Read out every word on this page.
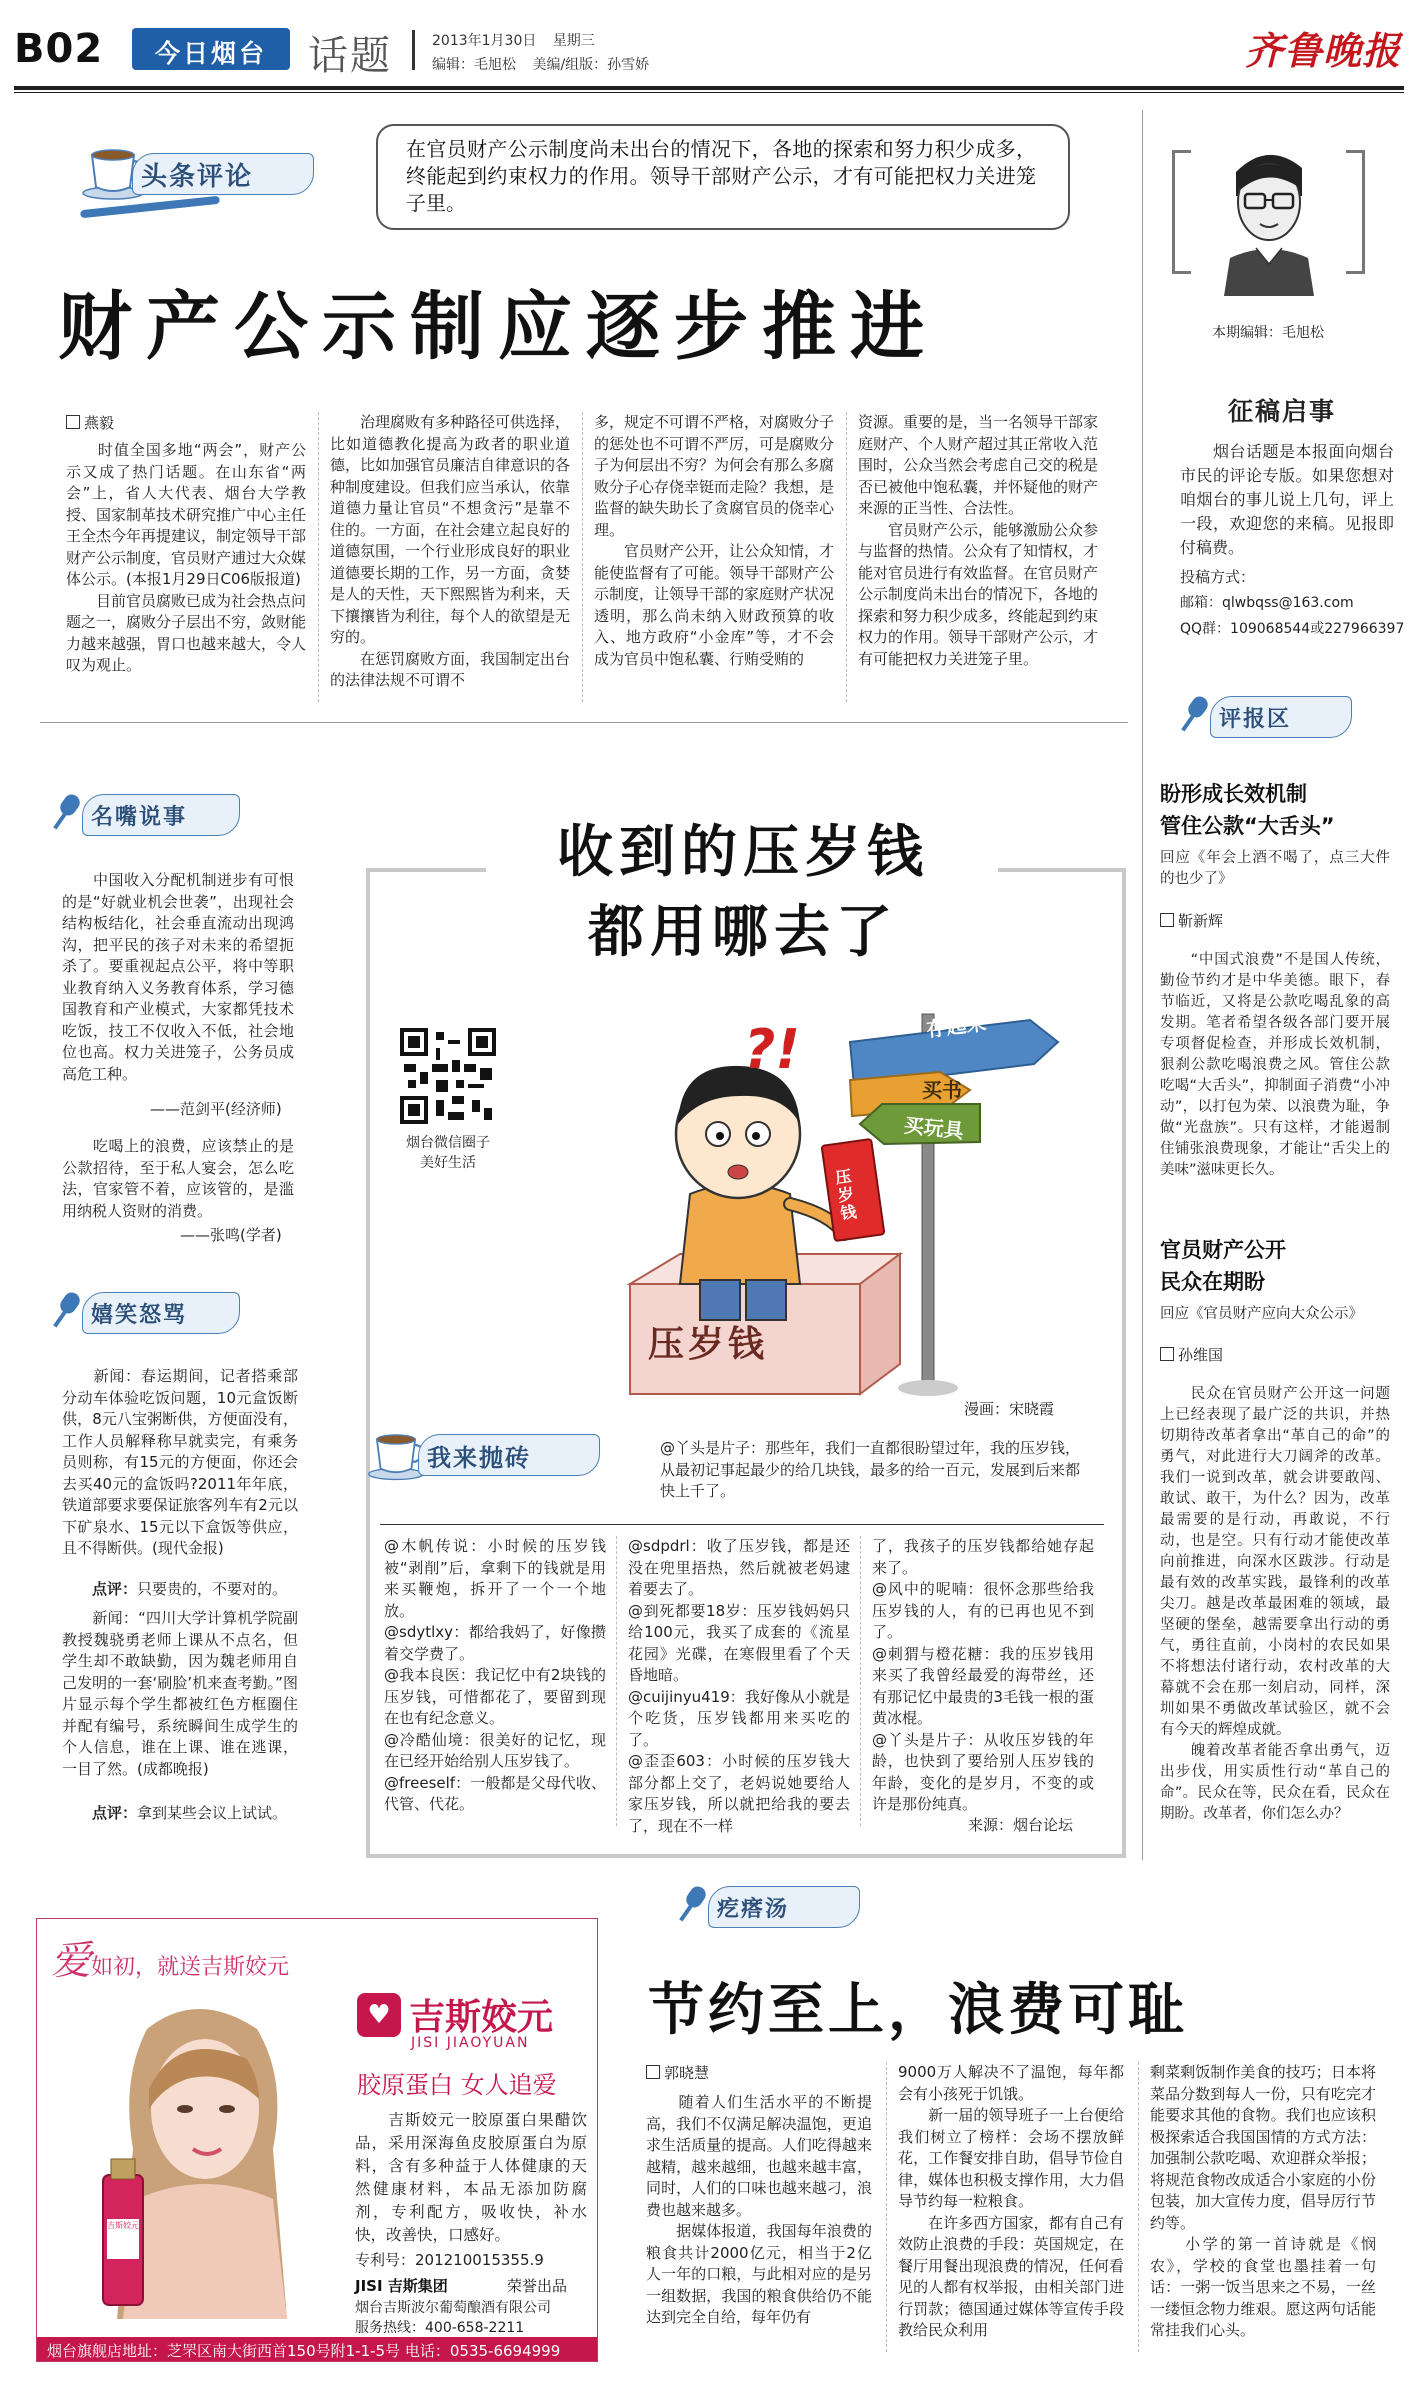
B02	今日烟台	话题	2013年1月30日 星期三
编辑：毛旭松 美编/组版：孙雪娇	齐鲁晚报
头条评论

在官员财产公示制度尚未出台的情况下，各地的探索和努力积少成多，终能起到约束权力的作用。领导干部财产公示，才有可能把权力关进笼子里。

财产公示制应逐步推进
燕毅

　　时值全国多地“两会”，财产公示又成了热门话题。在山东省“两会”上，省人大代表、烟台大学教授、国家制革技术研究推广中心主任王全杰今年再提建议，制定领导干部财产公示制度，官员财产逋过大众媒体公示。(本报1月29日C06版报道)
　　目前官员腐败已成为社会热点问题之一，腐败分子层出不穷，敛财能力越来越强，胃口也越来越大，令人叹为观止。

　　治理腐败有多种路径可供选择，比如道德教化提高为政者的职业道德，比如加强官员廉洁自律意识的各种制度建设。但我们应当承认，依靠道德力量让官员“不想贪污”是靠不住的。一方面，在社会建立起良好的道德氛围，一个行业形成良好的职业道德要长期的工作，另一方面，贪婪是人的天性，天下熙熙皆为利来，天下攘攘皆为利往，每个人的欲望是无穷的。
　　在惩罚腐败方面，我国制定出台的法律法规不可谓不

多，规定不可谓不严格，对腐败分子的惩处也不可谓不严厉，可是腐败分子为何层出不穷？为何会有那么多腐败分子心存侥幸铤而走险？我想，是监督的缺失助长了贪腐官员的侥幸心理。
　　官员财产公开，让公众知情，才能使监督有了可能。领导干部财产公示制度，让领导干部的家庭财产状况透明，那么尚未纳入财政预算的收入、地方政府“小金库”等，才不会成为官员中饱私囊、行贿受贿的

资源。重要的是，当一名领导干部家庭财产、个人财产超过其正常收入范围时，公众当然会考虑自己交的税是否已被他中饱私囊，并怀疑他的财产来源的正当性、合法性。
　　官员财产公示，能够激励公众参与监督的热情。公众有了知情权，才能对官员进行有效监督。在官员财产公示制度尚未出台的情况下，各地的探索和努力积少成多，终能起到约束权力的作用。领导干部财产公示，才有可能把权力关进笼子里。

本期编辑：毛旭松
征稿启事

　　烟台话题是本报面向烟台市民的评论专版。如果您想对咱烟台的事儿说上几句，评上一段，欢迎您的来稿。见报即付稿费。

投稿方式：
邮箱：qlwbqss@163.com
QQ群：109068544或227966397
评报区
盼形成长效机制
管住公款“大舌头”

回应《年会上酒不喝了，点三大件的也少了》

靳新辉

　　“中国式浪费”不是国人传统，勤俭节约才是中华美德。眼下，春节临近，又将是公款吃喝乱象的高发期。笔者希望各级各部门要开展专项督促检查，并形成长效机制，狠刹公款吃喝浪费之风。管住公款吃喝“大舌头”，抑制面子消费“小冲动”，以打包为荣、以浪费为耻，争做“光盘族”。只有这样，才能遏制住铺张浪费现象，才能让“舌尖上的美味”滋味更长久。

官员财产公开
民众在期盼

回应《官员财产应向大众公示》

孙维国

　　民众在官员财产公开这一问题上已经表现了最广泛的共识，并热切期待改革者拿出“革自己的命”的勇气，对此进行大刀阔斧的改革。我们一说到改革，就会讲要敢闯、敢试、敢干，为什么？因为，改革最需要的是行动，再敢说，不行动，也是空。只有行动才能使改革向前推进，向深水区跋涉。行动是最有效的改革实践，最锋利的改革尖刀。越是改革最困难的领域，最坚硬的堡垒，越需要拿出行动的勇气，勇往直前，小岗村的农民如果不将想法付诸行动，农村改革的大幕就不会在那一刻启动，同样，深圳如果不勇做改革试验区，就不会有今天的辉煌成就。
　　魄着改革者能否拿出勇气，迈出步伐，用实质性行动“革自己的命”。民众在等，民众在看，民众在期盼。改革者，你们怎么办？

名嘴说事

　　中国收入分配机制迸步有可恨的是“好就业机会世袭”，出现社会结构板结化，社会垂直流动出现鸿沟，把平民的孩子对未来的希望扼杀了。要重视起点公平，将中等职业教育纳入义务教育体系，学习德国教育和产业模式，大家都凭技术吃饭，技工不仅收入不低，社会地位也高。权力关进笼子，公务员成高危工种。

——范剑平(经济师)

　　吃喝上的浪费，应该禁止的是公款招待，至于私人宴会，怎么吃法，官家管不着，应该管的，是滥用纳税人资财的消费。

——张鸣(学者)
嬉笑怒骂

　　新闻：春运期间，记者搭乘部分动车体验吃饭问题，10元盒饭断供，8元八宝粥断供，方便面没有，工作人员解释称早就卖完，有乘务员则称，有15元的方便面，你还会去买40元的盒饭吗?2011年年底，铁道部要求要保证旅客列车有2元以下矿泉水、15元以下盒饭等供应，且不得断供。(现代金报)

点评：只要贵的，不要对的。

　　新闻：“四川大学计算机学院副教授魏骁勇老师上课从不点名，但学生却不敢缺勤，因为魏老师用自己发明的一套‘刷脸’机来查考勤。”图片显示每个学生都被红色方框圈住并配有编号，系统瞬间生成学生的个人信息，谁在上课、谁在逃课，一目了然。(成都晚报)

点评：拿到某些会议上试试。
收到的压岁钱
都用哪去了
烟台微信圈子
美好生活
?!	存起来
买书
买玩具
压岁钱
压岁钱
漫画：宋晓霞
我来抛砖	@丫头是片子：那些年，我们一直都很盼望过年，我的压岁钱，从最初记事起最少的给几块钱，最多的给一百元，发展到后来都快上千了。

@木帆传说：小时候的压岁钱被“剥削”后，拿剩下的钱就是用来买鞭炮，拆开了一个一个地放。
@sdytlxy：都给我妈了，好像攒着交学费了。
@我本良医：我记忆中有2块钱的压岁钱，可惜都花了，要留到现在也有纪念意义。
@冷酷仙境：很美好的记忆，现在已经开始给别人压岁钱了。
@freeself：一般都是父母代收、代管、代花。

@sdpdrl：收了压岁钱，都是还没在兜里捂热，然后就被老妈逮着要去了。
@到死都要18岁：压岁钱妈妈只给100元，我买了成套的《流星花园》光碟，在寒假里看了个天昏地暗。
@cuijinyu419：我好像从小就是个吃货，压岁钱都用来买吃的了。
@歪歪603：小时候的压岁钱大部分都上交了，老妈说她要给人家压岁钱，所以就把给我的要去了，现在不一样

了，我孩子的压岁钱都给她存起来了。
@风中的呢喃：很怀念那些给我压岁钱的人，有的已再也见不到了。
@刺猬与橙花糖：我的压岁钱用来买了我曾经最爱的海带丝，还有那记忆中最贵的3毛钱一根的蛋黄冰棍。
@丫头是片子：从收压岁钱的年龄，也快到了要给别人压岁钱的年龄，变化的是岁月，不变的或许是那份纯真。

来源：烟台论坛
爱如初，就送吉斯姣元
吉斯姣元
♥ 吉斯姣元
JISI JIAOYUAN
胶原蛋白 女人追爱

　　吉斯姣元一胶原蛋白果醋饮品，采用深海鱼皮胶原蛋白为原料，含有多种益于人体健康的天然健康材料，本品无添加防腐剂，专利配方，吸收快，补水快，改善快，口感好。

专利号：201210015355.9
JISI 吉斯集团	荣誉出品
烟台吉斯波尔葡萄酿酒有限公司
服务热线：400-658-2211
烟台旗舰店地址：芝罘区南大街西首150号附1-1-5号 电话：0535-6694999
疙瘩汤
节约至上，浪费可耻
郭晓慧

　　随着人们生活水平的不断提高，我们不仅满足解决温饱，更追求生活质量的提高。人们吃得越来越精，越来越细，也越来越丰富，同时，人们的口味也越来越刁，浪费也越来越多。
　　据媒体报道，我国每年浪费的粮食共计2000亿元，相当于2亿人一年的口粮，与此相对应的是另一组数据，我国的粮食供给仍不能达到完全自给，每年仍有

9000万人解决不了温饱，每年都会有小孩死于饥饿。
　　新一届的领导班子一上台便给我们树立了榜样：会场不摆放鲜花，工作餐安排自助，倡导节俭自律，媒体也积极支撑作用，大力倡导节约每一粒粮食。
　　在许多西方国家，都有自己有效防止浪费的手段：英国规定，在餐厅用餐出现浪费的情况，任何看见的人都有权举报，由相关部门进行罚款；德国通过媒体等宣传手段教给民众利用

剩菜剩饭制作美食的技巧；日本将菜品分数到每人一份，只有吃完才能要求其他的食物。我们也应该积极探索适合我国国情的方式方法：加强制公款吃喝、欢迎群众举报；将规范食物改成适合小家庭的小份包装，加大宣传力度，倡导厉行节约等。
　　小学的第一首诗就是《悯农》，学校的食堂也墨挂着一句话：一粥一饭当思来之不易，一丝一缕恒念物力维艰。愿这两句话能常挂我们心头。
